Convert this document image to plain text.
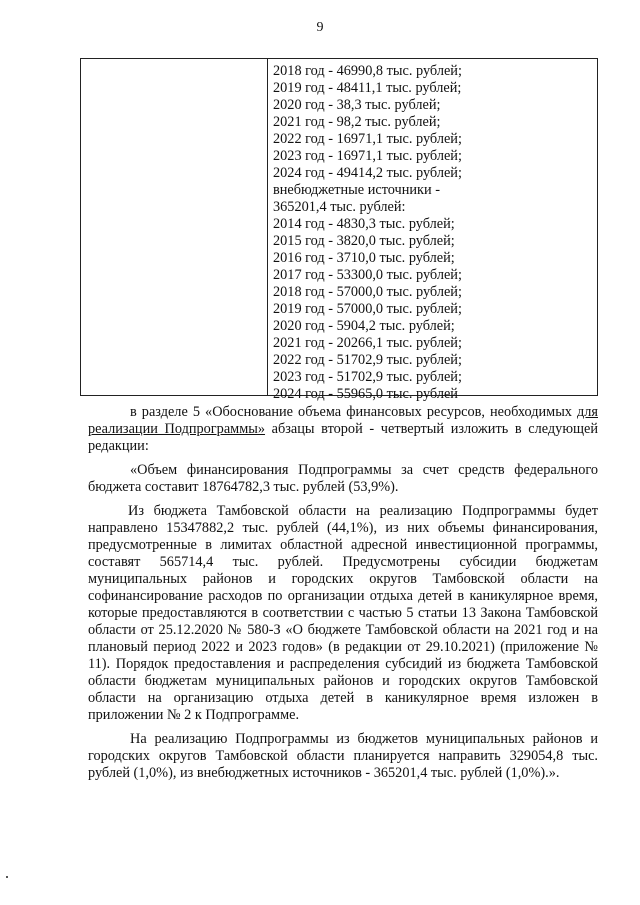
9
2018 год - 46990,8 тыс. рублей;
2019 год - 48411,1 тыс. рублей;
2020 год - 38,3 тыс. рублей;
2021 год - 98,2 тыс. рублей;
2022 год - 16971,1 тыс. рублей;
2023 год - 16971,1 тыс. рублей;
2024 год - 49414,2 тыс. рублей;
внебюджетные источники -
365201,4 тыс. рублей:
2014 год - 4830,3 тыс. рублей;
2015 год - 3820,0 тыс. рублей;
2016 год - 3710,0 тыс. рублей;
2017 год - 53300,0 тыс. рублей;
2018 год - 57000,0 тыс. рублей;
2019 год - 57000,0 тыс. рублей;
2020 год - 5904,2 тыс. рублей;
2021 год - 20266,1 тыс. рублей;
2022 год - 51702,9 тыс. рублей;
2023 год - 51702,9 тыс. рублей;
2024 год - 55965,0 тыс. рублей

в разделе 5 «Обоснование объема финансовых ресурсов, необходимых для реализации Подпрограммы» абзацы второй - четвертый изложить в следующей редакции:

«Объем финансирования Подпрограммы за счет средств федерального бюджета составит 18764782,3 тыс. рублей (53,9%).

Из бюджета Тамбовской области на реализацию Подпрограммы будет направлено 15347882,2 тыс. рублей (44,1%), из них объемы финансирования, предусмотренные в лимитах областной адресной инвестиционной программы, составят 565714,4 тыс. рублей. Предусмотрены субсидии бюджетам муниципальных районов и городских округов Тамбовской области на софинансирование расходов по организации отдыха детей в каникулярное время, которые предоставляются в соответствии с частью 5 статьи 13 Закона Тамбовской области от 25.12.2020 № 580-З «О бюджете Тамбовской области на 2021 год и на плановый период 2022 и 2023 годов» (в редакции от 29.10.2021) (приложение № 11). Порядок предоставления и распределения субсидий из бюджета Тамбовской области бюджетам муниципальных районов и городских округов Тамбовской области на организацию отдыха детей в каникулярное время изложен в приложении № 2 к Подпрограмме.

На реализацию Подпрограммы из бюджетов муниципальных районов и городских округов Тамбовской области планируется направить 329054,8 тыс. рублей (1,0%), из внебюджетных источников - 365201,4 тыс. рублей (1,0%).».
